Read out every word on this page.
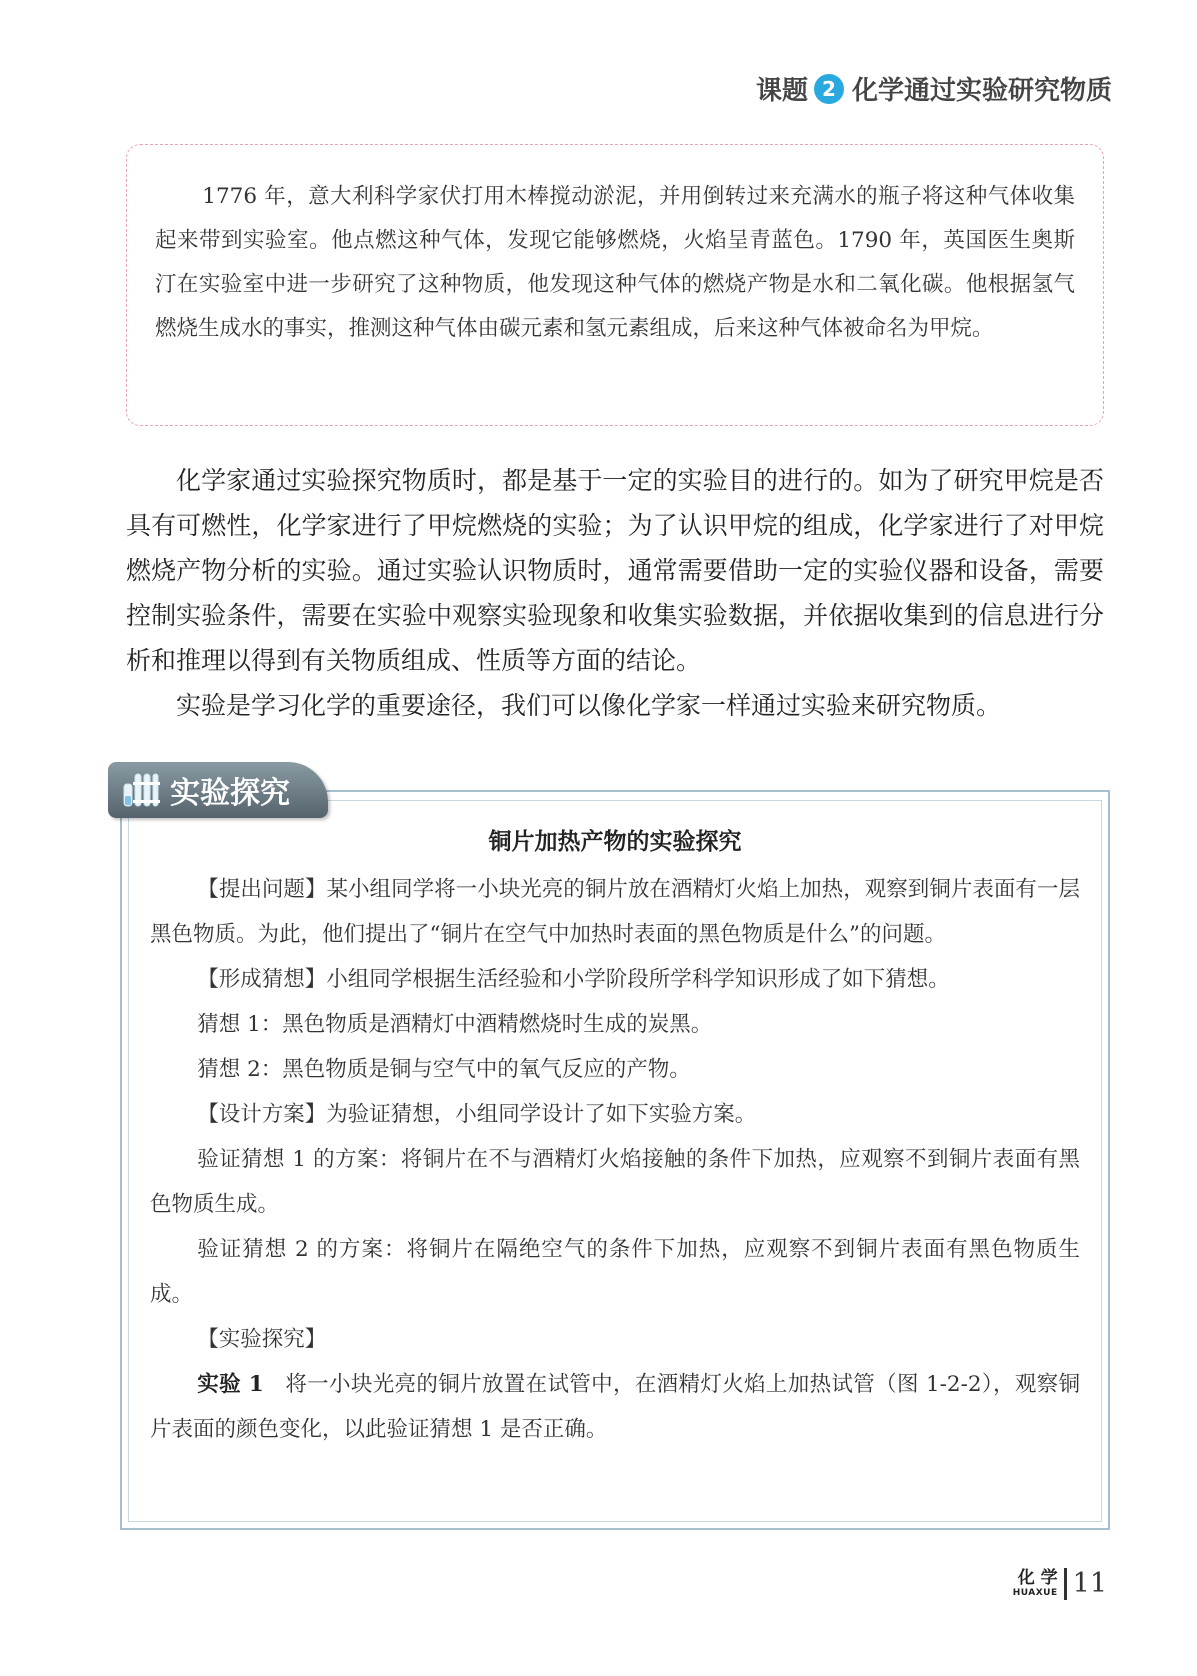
课题 2 化学通过实验研究物质

1776 年，意大利科学家伏打用木棒搅动淤泥，并用倒转过来充满水的瓶子将这种气体收集起来带到实验室。他点燃这种气体，发现它能够燃烧，火焰呈青蓝色。1790 年，英国医生奥斯汀在实验室中进一步研究了这种物质，他发现这种气体的燃烧产物是水和二氧化碳。他根据氢气燃烧生成水的事实，推测这种气体由碳元素和氢元素组成，后来这种气体被命名为甲烷。

化学家通过实验探究物质时，都是基于一定的实验目的进行的。如为了研究甲烷是否具有可燃性，化学家进行了甲烷燃烧的实验；为了认识甲烷的组成，化学家进行了对甲烷燃烧产物分析的实验。通过实验认识物质时，通常需要借助一定的实验仪器和设备，需要控制实验条件，需要在实验中观察实验现象和收集实验数据，并依据收集到的信息进行分析和推理以得到有关物质组成、性质等方面的结论。

实验是学习化学的重要途径，我们可以像化学家一样通过实验来研究物质。

实验探究
铜片加热产物的实验探究

【提出问题】某小组同学将一小块光亮的铜片放在酒精灯火焰上加热，观察到铜片表面有一层黑色物质。为此，他们提出了“铜片在空气中加热时表面的黑色物质是什么”的问题。

【形成猜想】小组同学根据生活经验和小学阶段所学科学知识形成了如下猜想。

猜想 1：黑色物质是酒精灯中酒精燃烧时生成的炭黑。

猜想 2：黑色物质是铜与空气中的氧气反应的产物。

【设计方案】为验证猜想，小组同学设计了如下实验方案。

验证猜想 1 的方案：将铜片在不与酒精灯火焰接触的条件下加热，应观察不到铜片表面有黑色物质生成。

验证猜想 2 的方案：将铜片在隔绝空气的条件下加热，应观察不到铜片表面有黑色物质生成。

【实验探究】

实验 1 将一小块光亮的铜片放置在试管中，在酒精灯火焰上加热试管（图 1-2-2），观察铜片表面的颜色变化，以此验证猜想 1 是否正确。

化 学
HUAXUE 11
